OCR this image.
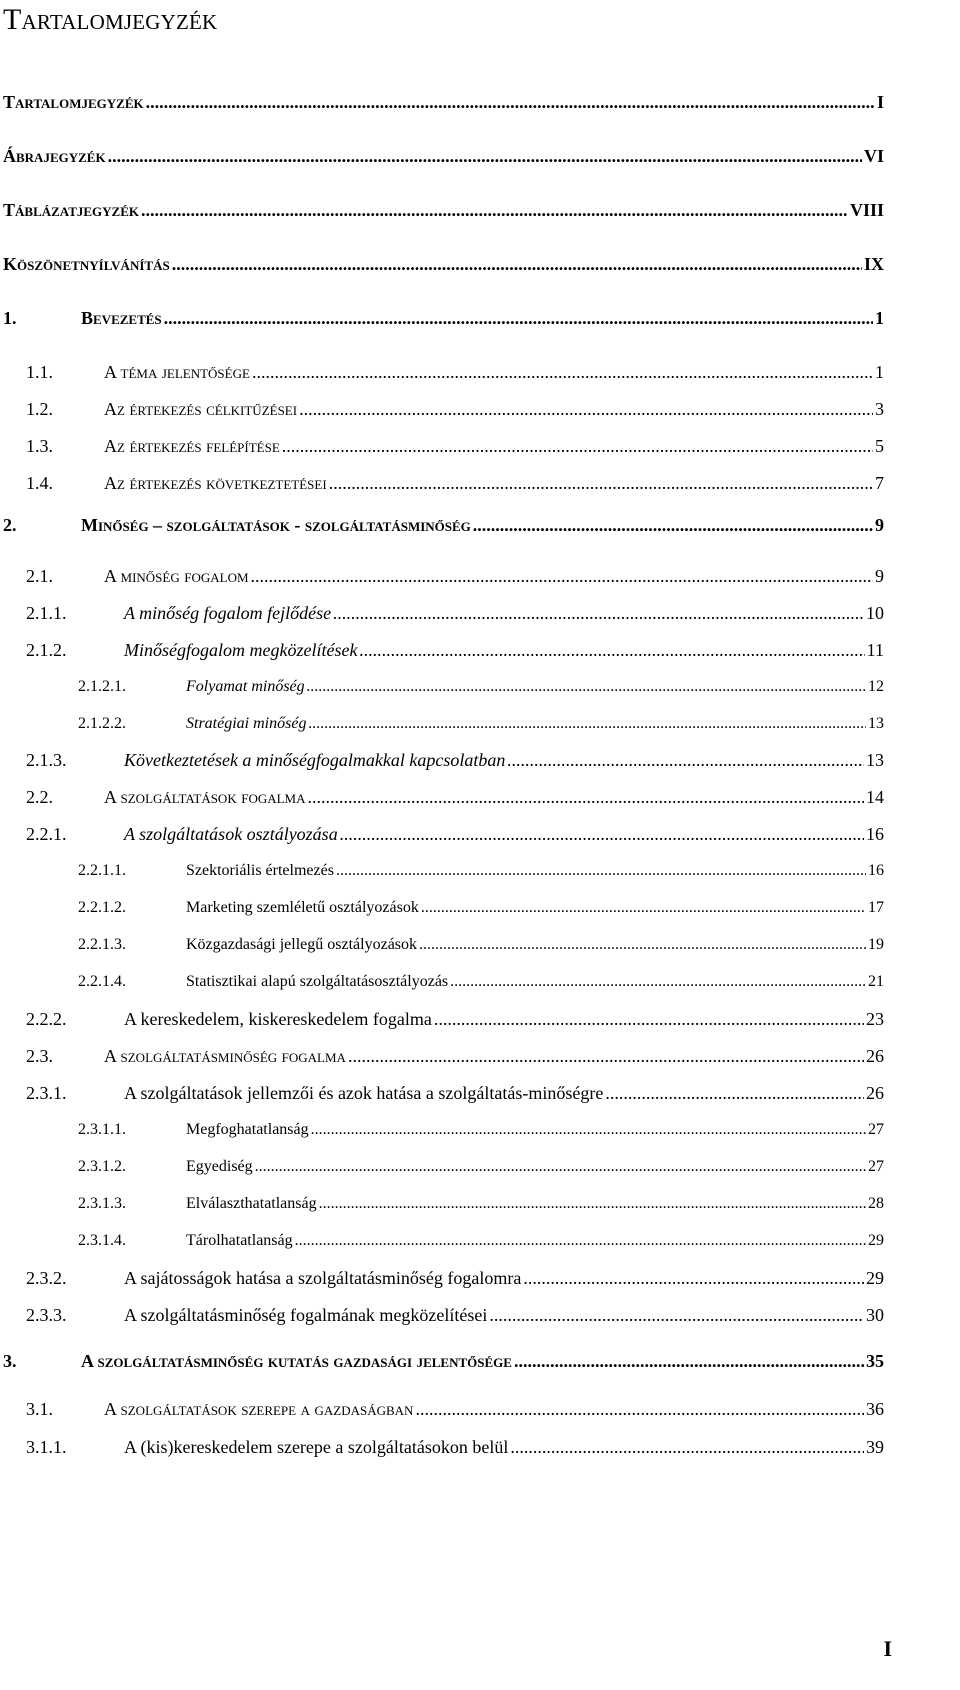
Tartalomjegyzék
Tartalomjegyzék .....	I
Ábrajegyzék .....	VI
Táblázatjegyzék .....	VIII
Köszönetnyílvánítás .....	IX
1.	Bevezetés .....	1
1.1.	A téma jelentősége .....	1
1.2.	Az értekezés célkitűzései .....	3
1.3.	Az értekezés felépítése .....	5
1.4.	Az értekezés következtetései .....	7
2.	Minőség – szolgáltatások - szolgáltatásminőség .....	9
2.1.	A minőség fogalom .....	9
2.1.1.	A minőség fogalom fejlődése .....	10
2.1.2.	Minőségfogalom megközelítések .....	11
2.1.2.1.	Folyamat minőség .....	12
2.1.2.2.	Stratégiai minőség .....	13
2.1.3.	Következtetések a minőségfogalmakkal kapcsolatban .....	13
2.2.	A szolgáltatások fogalma .....	14
2.2.1.	A szolgáltatások osztályozása .....	16
2.2.1.1.	Szektoriális értelmezés .....	16
2.2.1.2.	Marketing szemléletű osztályozások .....	17
2.2.1.3.	Közgazdasági jellegű osztályozások .....	19
2.2.1.4.	Statisztikai alapú szolgáltatásosztályozás .....	21
2.2.2.	A kereskedelem, kiskereskedelem fogalma .....	23
2.3.	A szolgáltatásminőség fogalma .....	26
2.3.1.	A szolgáltatások jellemzői és azok hatása a szolgáltatás-minőségre .....	26
2.3.1.1.	Megfoghatatlanság .....	27
2.3.1.2.	Egyediség .....	27
2.3.1.3.	Elválaszthatatlanság .....	28
2.3.1.4.	Tárolhatatlanság .....	29
2.3.2.	A sajátosságok hatása a szolgáltatásminőség fogalomra .....	29
2.3.3.	A szolgáltatásminőség fogalmának megközelítései .....	30
3.	A szolgáltatásminőség kutatás gazdasági jelentősége .....	35
3.1.	A szolgáltatások szerepe a gazdaságban .....	36
3.1.1.	A (kis)kereskedelem szerepe a szolgáltatásokon belül .....	39
I
